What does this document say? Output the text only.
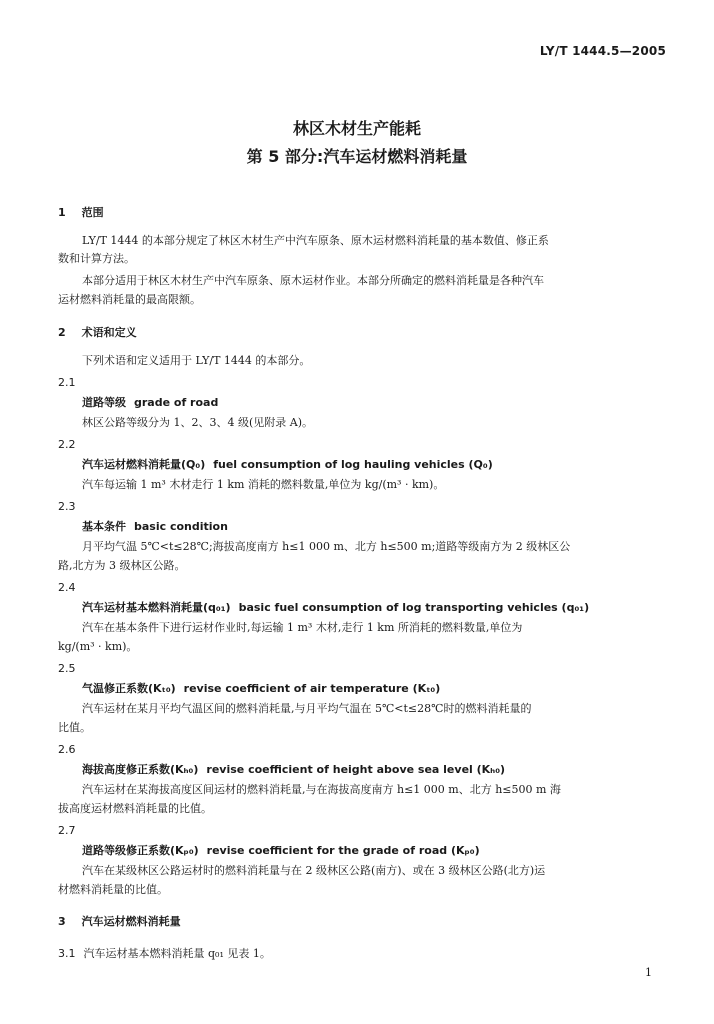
LY/T 1444.5—2005
林区木材生产能耗
第 5 部分:汽车运材燃料消耗量
1 范围
LY/T 1444 的本部分规定了林区木材生产中汽车原条、原木运材燃料消耗量的基本数值、修正系
数和计算方法。
本部分适用于林区木材生产中汽车原条、原木运材作业。本部分所确定的燃料消耗量是各种汽车
运材燃料消耗量的最高限额。
2 术语和定义
下列术语和定义适用于 LY/T 1444 的本部分。
2.1
道路等级 grade of road
林区公路等级分为 1、2、3、4 级(见附录 A)。
2.2
汽车运材燃料消耗量(Q₀) fuel consumption of log hauling vehicles (Q₀)
汽车每运输 1 m³ 木材走行 1 km 消耗的燃料数量,单位为 kg/(m³ · km)。
2.3
基本条件 basic condition
月平均气温 5℃<t≤28℃;海拔高度南方 h≤1 000 m、北方 h≤500 m;道路等级南方为 2 级林区公
路,北方为 3 级林区公路。
2.4
汽车运材基本燃料消耗量(q₀₁) basic fuel consumption of log transporting vehicles (q₀₁)
汽车在基本条件下进行运材作业时,每运输 1 m³ 木材,走行 1 km 所消耗的燃料数量,单位为
kg/(m³ · km)。
2.5
气温修正系数(Kₜ₀) revise coefficient of air temperature (Kₜ₀)
汽车运材在某月平均气温区间的燃料消耗量,与月平均气温在 5℃<t≤28℃时的燃料消耗量的
比值。
2.6
海拔高度修正系数(Kₕ₀) revise coefficient of height above sea level (Kₕ₀)
汽车运材在某海拔高度区间运材的燃料消耗量,与在海拔高度南方 h≤1 000 m、北方 h≤500 m 海
拔高度运材燃料消耗量的比值。
2.7
道路等级修正系数(Kₚ₀) revise coefficient for the grade of road (Kₚ₀)
汽车在某级林区公路运材时的燃料消耗量与在 2 级林区公路(南方)、或在 3 级林区公路(北方)运
材燃料消耗量的比值。
3 汽车运材燃料消耗量
3.1 汽车运材基本燃料消耗量 q₀₁ 见表 1。
1
